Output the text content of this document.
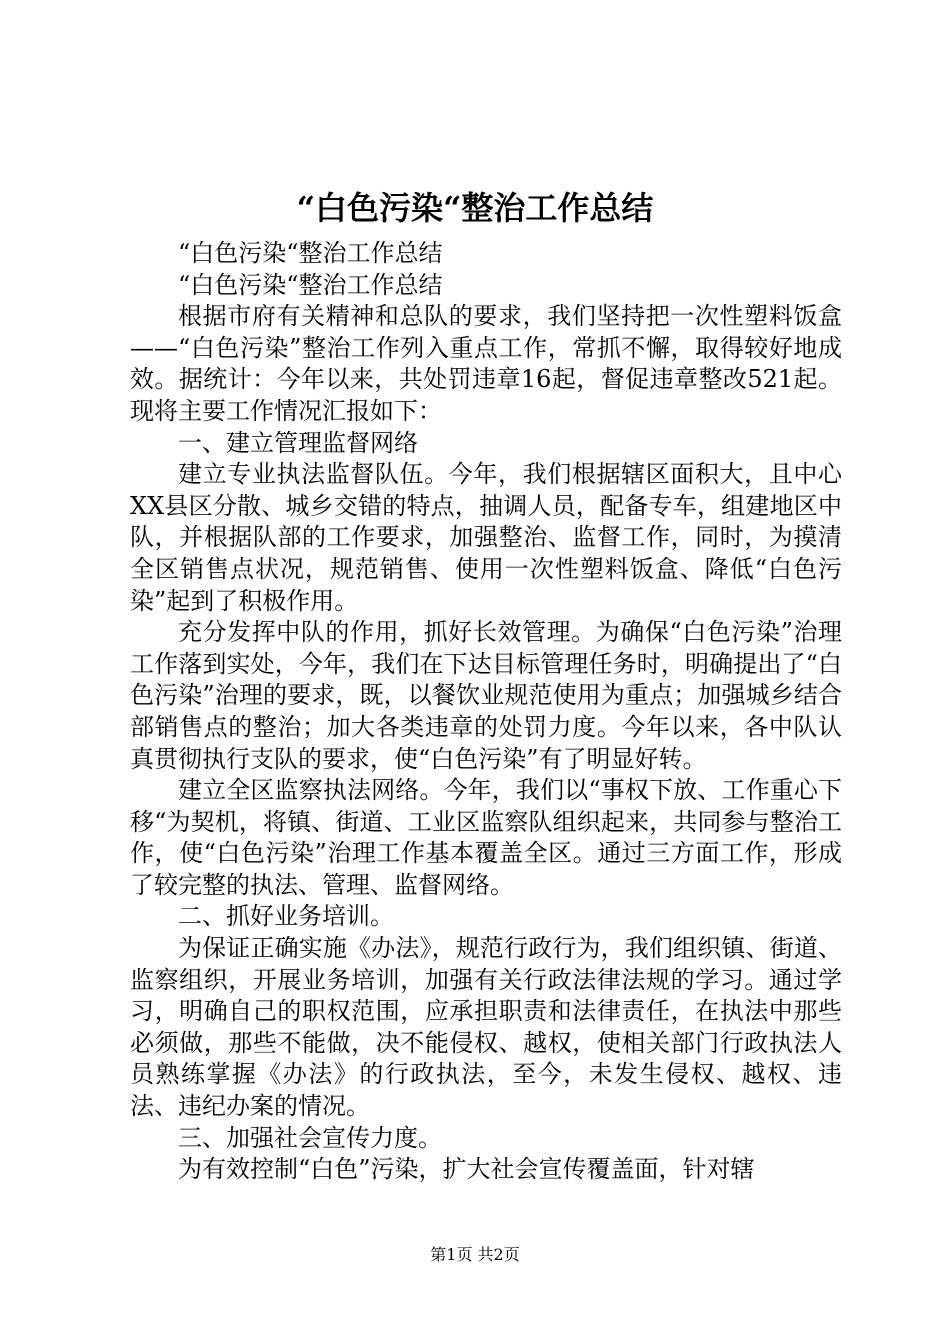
“白色污染“整治工作总结

“白色污染“整治工作总结

“白色污染“整治工作总结

根据市府有关精神和总队的要求，我们坚持把一次性塑料饭盒——“白色污染”整治工作列入重点工作，常抓不懈，取得较好地成效。据统计：今年以来，共处罚违章16起，督促违章整改521起。现将主要工作情况汇报如下：

一、建立管理监督网络

建立专业执法监督队伍。今年，我们根据辖区面积大，且中心XX县区分散、城乡交错的特点，抽调人员，配备专车，组建地区中队，并根据队部的工作要求，加强整治、监督工作，同时，为摸清全区销售点状况，规范销售、使用一次性塑料饭盒、降低“白色污染”起到了积极作用。

充分发挥中队的作用，抓好长效管理。为确保“白色污染”治理工作落到实处，今年，我们在下达目标管理任务时，明确提出了“白色污染”治理的要求，既，以餐饮业规范使用为重点；加强城乡结合部销售点的整治；加大各类违章的处罚力度。今年以来，各中队认真贯彻执行支队的要求，使“白色污染”有了明显好转。

建立全区监察执法网络。今年，我们以“事权下放、工作重心下移“为契机，将镇、街道、工业区监察队组织起来，共同参与整治工作，使“白色污染”治理工作基本覆盖全区。通过三方面工作，形成了较完整的执法、管理、监督网络。

二、抓好业务培训。

为保证正确实施《办法》，规范行政行为，我们组织镇、街道、监察组织，开展业务培训，加强有关行政法律法规的学习。通过学习，明确自己的职权范围，应承担职责和法律责任，在执法中那些必须做，那些不能做，决不能侵权、越权，使相关部门行政执法人员熟练掌握《办法》的行政执法，至今，未发生侵权、越权、违法、违纪办案的情况。

三、加强社会宣传力度。

为有效控制“白色”污染，扩大社会宣传覆盖面，针对辖

第1页 共2页
